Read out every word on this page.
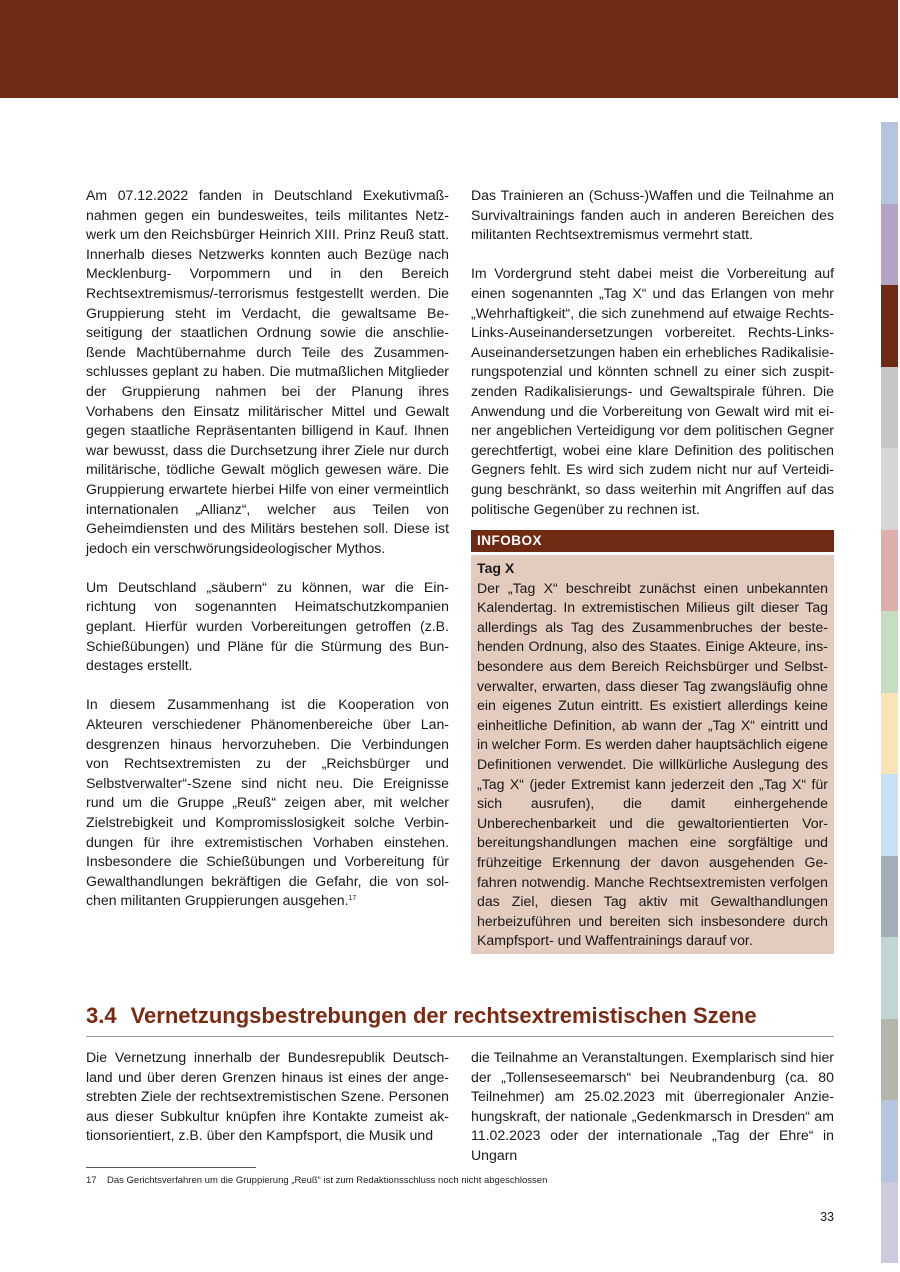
Am 07.12.2022 fanden in Deutschland Exekutivmaßnahmen gegen ein bundesweites, teils militantes Netzwerk um den Reichsbürger Heinrich XIII. Prinz Reuß statt. Innerhalb dieses Netzwerks konnten auch Bezüge nach Mecklenburg- Vorpommern und in den Bereich Rechtsextremismus/-terrorismus festgestellt werden. Die Gruppierung steht im Verdacht, die gewaltsame Beseitigung der staatlichen Ordnung sowie die anschließende Machtübernahme durch Teile des Zusammenschlusses geplant zu haben. Die mutmaßlichen Mitglieder der Gruppierung nahmen bei der Planung ihres Vorhabens den Einsatz militärischer Mittel und Gewalt gegen staatliche Repräsentanten billigend in Kauf. Ihnen war bewusst, dass die Durchsetzung ihrer Ziele nur durch militärische, tödliche Gewalt möglich gewesen wäre. Die Gruppierung erwartete hierbei Hilfe von einer vermeintlich internationalen „Allianz“, welcher aus Teilen von Geheimdiensten und des Militärs bestehen soll. Diese ist jedoch ein verschwörungsideologischer Mythos.

Um Deutschland „säubern“ zu können, war die Einrichtung von sogenannten Heimatschutzkompanien geplant. Hierfür wurden Vorbereitungen getroffen (z.B. Schießübungen) und Pläne für die Stürmung des Bundestages erstellt.

In diesem Zusammenhang ist die Kooperation von Akteuren verschiedener Phänomenbereiche über Landesgrenzen hinaus hervorzuheben. Die Verbindungen von Rechtsextremisten zu der „Reichsbürger und Selbstverwalter“-Szene sind nicht neu. Die Ereignisse rund um die Gruppe „Reuß“ zeigen aber, mit welcher Zielstrebigkeit und Kompromisslosigkeit solche Verbindungen für ihre extremistischen Vorhaben einstehen. Insbesondere die Schießübungen und Vorbereitung für Gewalthandlungen bekräftigen die Gefahr, die von solchen militanten Gruppierungen ausgehen.$^{17}$

Das Trainieren an (Schuss-)Waffen und die Teilnahme an Survivaltrainings fanden auch in anderen Bereichen des militanten Rechtsextremismus vermehrt statt.

Im Vordergrund steht dabei meist die Vorbereitung auf einen sogenannten „Tag X“ und das Erlangen von mehr „Wehrhaftigkeit“, die sich zunehmend auf etwaige Rechts-Links-Auseinandersetzungen vorbereitet. Rechts-Links-Auseinandersetzungen haben ein erhebliches Radikalisierungspotenzial und könnten schnell zu einer sich zuspitzenden Radikalisierungs- und Gewaltspirale führen. Die Anwendung und die Vorbereitung von Gewalt wird mit einer angeblichen Verteidigung vor dem politischen Gegner gerechtfertigt, wobei eine klare Definition des politischen Gegners fehlt. Es wird sich zudem nicht nur auf Verteidigung beschränkt, so dass weiterhin mit Angriffen auf das politische Gegenüber zu rechnen ist.

INFOBOX
Tag X
Der „Tag X“ beschreibt zunächst einen unbekannten Kalendertag. In extremistischen Milieus gilt dieser Tag allerdings als Tag des Zusammenbruches der bestehenden Ordnung, also des Staates. Einige Akteure, insbesondere aus dem Bereich Reichsbürger und Selbstverwalter, erwarten, dass dieser Tag zwangsläufig ohne ein eigenes Zutun eintritt. Es existiert allerdings keine einheitliche Definition, ab wann der „Tag X“ eintritt und in welcher Form. Es werden daher hauptsächlich eigene Definitionen verwendet. Die willkürliche Auslegung des „Tag X“ (jeder Extremist kann jederzeit den „Tag X“ für sich ausrufen), die damit einhergehende Unberechenbarkeit und die gewaltorientierten Vorbereitungshandlungen machen eine sorgfältige und frühzeitige Erkennung der davon ausgehenden Gefahren notwendig. Manche Rechtsextremisten verfolgen das Ziel, diesen Tag aktiv mit Gewalthandlungen herbeizuführen und bereiten sich insbesondere durch Kampfsport- und Waffentrainings darauf vor.
3.4 Vernetzungsbestrebungen der rechtsextremistischen Szene

Die Vernetzung innerhalb der Bundesrepublik Deutschland und über deren Grenzen hinaus ist eines der angestrebten Ziele der rechtsextremistischen Szene. Personen aus dieser Subkultur knüpfen ihre Kontakte zumeist aktionsorientiert, z.B. über den Kampfsport, die Musik und

die Teilnahme an Veranstaltungen. Exemplarisch sind hier der „Tollenseseemarsch“ bei Neubrandenburg (ca. 80 Teilnehmer) am 25.02.2023 mit überregionaler Anziehungskraft, der nationale „Gedenkmarsch in Dresden“ am 11.02.2023 oder der internationale „Tag der Ehre“ in Ungarn

17 Das Gerichtsverfahren um die Gruppierung „Reuß“ ist zum Redaktionsschluss noch nicht abgeschlossen
33
